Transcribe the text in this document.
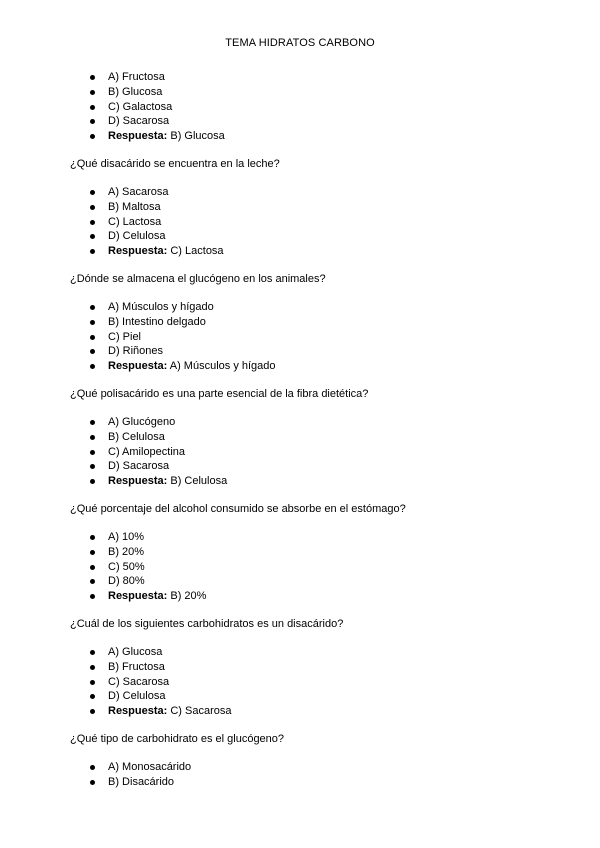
TEMA HIDRATOS CARBONO
A) Fructosa
B) Glucosa
C) Galactosa
D) Sacarosa
Respuesta: B) Glucosa
¿Qué disacárido se encuentra en la leche?
A) Sacarosa
B) Maltosa
C) Lactosa
D) Celulosa
Respuesta: C) Lactosa
¿Dónde se almacena el glucógeno en los animales?
A) Músculos y hígado
B) Intestino delgado
C) Piel
D) Riñones
Respuesta: A) Músculos y hígado
¿Qué polisacárido es una parte esencial de la fibra dietética?
A) Glucógeno
B) Celulosa
C) Amilopectina
D) Sacarosa
Respuesta: B) Celulosa
¿Qué porcentaje del alcohol consumido se absorbe en el estómago?
A) 10%
B) 20%
C) 50%
D) 80%
Respuesta: B) 20%
¿Cuál de los siguientes carbohidratos es un disacárido?
A) Glucosa
B) Fructosa
C) Sacarosa
D) Celulosa
Respuesta: C) Sacarosa
¿Qué tipo de carbohidrato es el glucógeno?
A) Monosacárido
B) Disacárido
